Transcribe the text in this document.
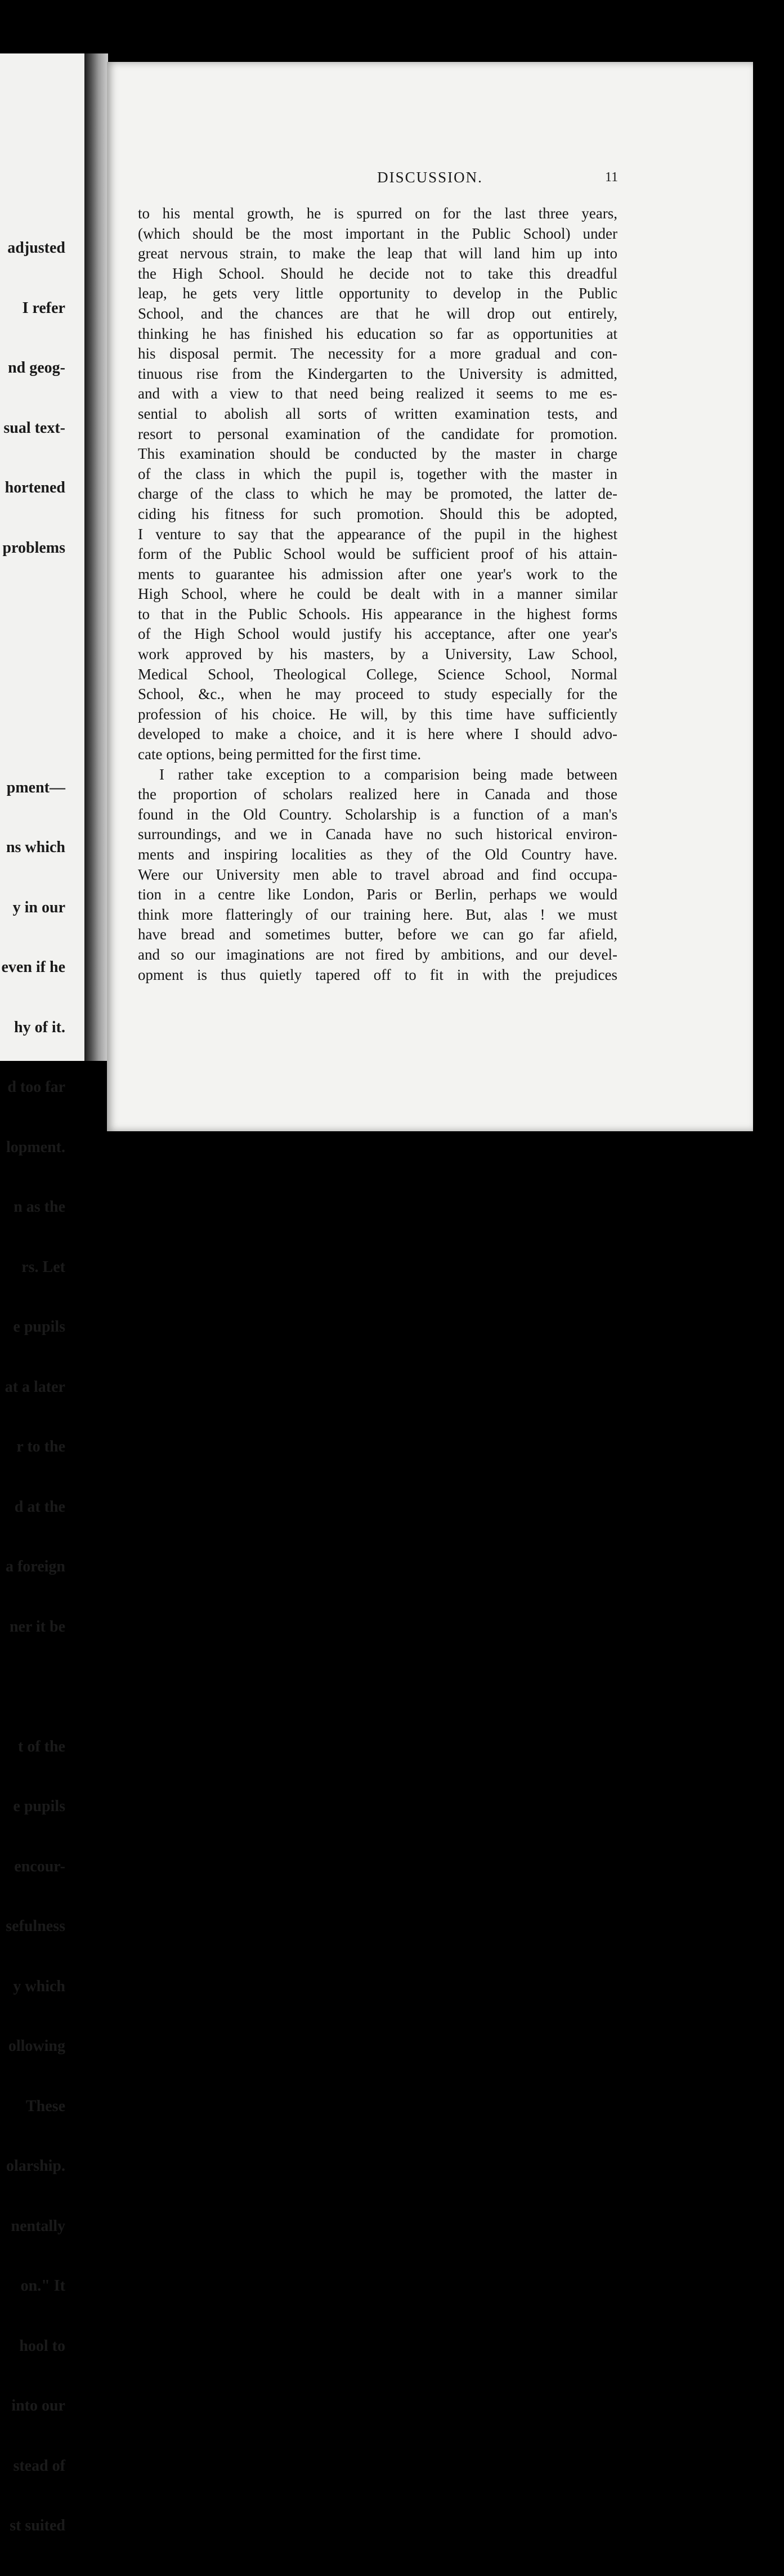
adjusted

I refer

nd geog-

sual text-

hortened

problems

pment—

ns which

y in our

even if he

hy of it.

d too far

lopment.

n as the

rs. Let

e pupils

at a later

r to the

d at the

a foreign

ner it be

t of the

e pupils

encour-

sefulness

y which

ollowing

These

olarship.

nentally

on." It

hool to

into our

stead of

st suited

DISCUSSION.	11
to his mental growth, he is spurred on for the last three years,
(which should be the most important in the Public School) under
great nervous strain, to make the leap that will land him up into
the High School. Should he decide not to take this dreadful
leap, he gets very little opportunity to develop in the Public
School, and the chances are that he will drop out entirely,
thinking he has finished his education so far as opportunities at
his disposal permit. The necessity for a more gradual and con-
tinuous rise from the Kindergarten to the University is admitted,
and with a view to that need being realized it seems to me es-
sential to abolish all sorts of written examination tests, and
resort to personal examination of the candidate for promotion.
This examination should be conducted by the master in charge
of the class in which the pupil is, together with the master in
charge of the class to which he may be promoted, the latter de-
ciding his fitness for such promotion. Should this be adopted,
I venture to say that the appearance of the pupil in the highest
form of the Public School would be sufficient proof of his attain-
ments to guarantee his admission after one year's work to the
High School, where he could be dealt with in a manner similar
to that in the Public Schools. His appearance in the highest forms
of the High School would justify his acceptance, after one year's
work approved by his masters, by a University, Law School,
Medical School, Theological College, Science School, Normal
School, &c., when he may proceed to study especially for the
profession of his choice. He will, by this time have sufficiently
developed to make a choice, and it is here where I should advo-
cate options, being permitted for the first time.
I rather take exception to a comparision being made between
the proportion of scholars realized here in Canada and those
found in the Old Country. Scholarship is a function of a man's
surroundings, and we in Canada have no such historical environ-
ments and inspiring localities as they of the Old Country have.
Were our University men able to travel abroad and find occupa-
tion in a centre like London, Paris or Berlin, perhaps we would
think more flatteringly of our training here. But, alas ! we must
have bread and sometimes butter, before we can go far afield,
and so our imaginations are not fired by ambitions, and our devel-
opment is thus quietly tapered off to fit in with the prejudices
